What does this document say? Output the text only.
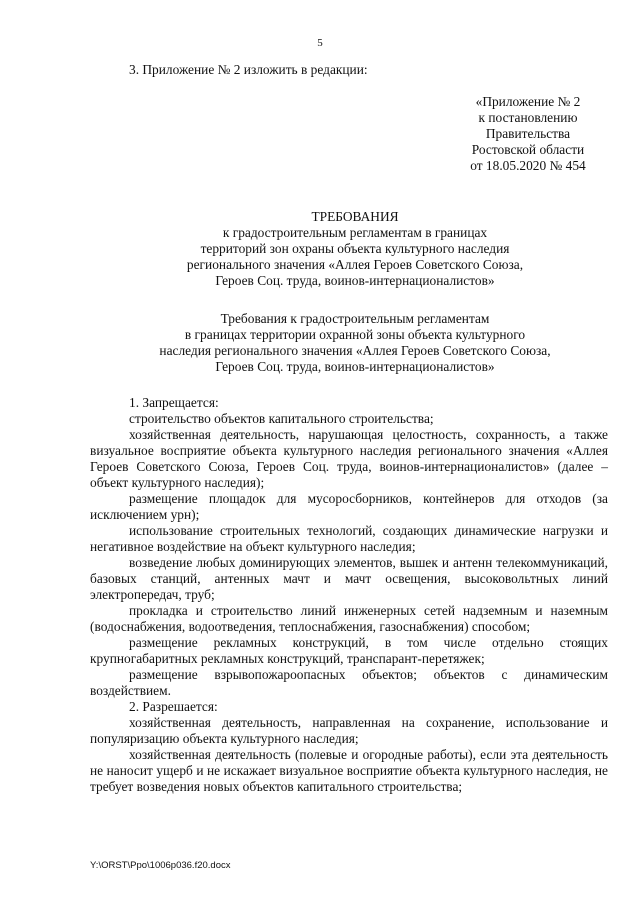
5
3. Приложение № 2 изложить в редакции:
«Приложение № 2
к постановлению
Правительства
Ростовской области
от 18.05.2020 № 454
ТРЕБОВАНИЯ
к градостроительным регламентам в границах
территорий зон охраны объекта культурного наследия
регионального значения «Аллея Героев Советского Союза,
Героев Соц. труда, воинов-интернационалистов»
Требования к градостроительным регламентам
в границах территории охранной зоны объекта культурного
наследия регионального значения «Аллея Героев Советского Союза,
Героев Соц. труда, воинов-интернационалистов»

1. Запрещается:

строительство объектов капитального строительства;

хозяйственная деятельность, нарушающая целостность, сохранность, а также визуальное восприятие объекта культурного наследия регионального значения «Аллея Героев Советского Союза, Героев Соц. труда, воинов-интернационалистов» (далее – объект культурного наследия);

размещение площадок для мусоросборников, контейнеров для отходов (за исключением урн);

использование строительных технологий, создающих динамические нагрузки и негативное воздействие на объект культурного наследия;

возведение любых доминирующих элементов, вышек и антенн телекоммуникаций, базовых станций, антенных мачт и мачт освещения, высоковольтных линий электропередач, труб;

прокладка и строительство линий инженерных сетей надземным и наземным (водоснабжения, водоотведения, теплоснабжения, газоснабжения) способом;

размещение рекламных конструкций, в том числе отдельно стоящих крупногабаритных рекламных конструкций, транспарант-перетяжек;

размещение взрывопожароопасных объектов; объектов с динамическим воздействием.

2. Разрешается:

хозяйственная деятельность, направленная на сохранение, использование и популяризацию объекта культурного наследия;

хозяйственная деятельность (полевые и огородные работы), если эта деятельность не наносит ущерб и не искажает визуальное восприятие объекта культурного наследия, не требует возведения новых объектов капитального строительства;

Y:\ORST\Ppo\1006p036.f20.docx
